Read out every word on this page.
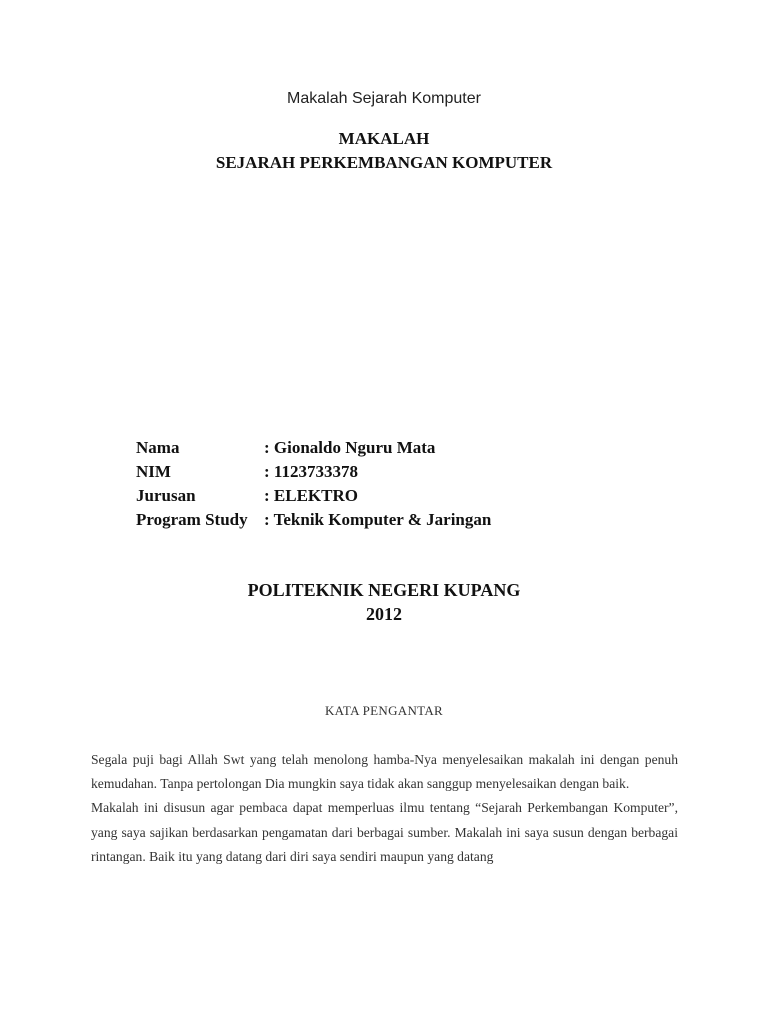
Makalah Sejarah Komputer
MAKALAH
SEJARAH PERKEMBANGAN KOMPUTER
Nama	: Gionaldo Nguru Mata
NIM	: 1123733378
Jurusan	: ELEKTRO
Program Study : Teknik Komputer & Jaringan
POLITEKNIK NEGERI KUPANG
2012
KATA PENGANTAR

Segala puji bagi Allah Swt yang telah menolong hamba-Nya menyelesaikan makalah ini dengan penuh kemudahan. Tanpa pertolongan Dia mungkin saya tidak akan sanggup menyelesaikan dengan baik.

Makalah ini disusun agar pembaca dapat memperluas ilmu tentang “Sejarah Perkembangan Komputer”, yang saya sajikan berdasarkan pengamatan dari berbagai sumber. Makalah ini saya susun dengan berbagai rintangan. Baik itu yang datang dari diri saya sendiri maupun yang datang
